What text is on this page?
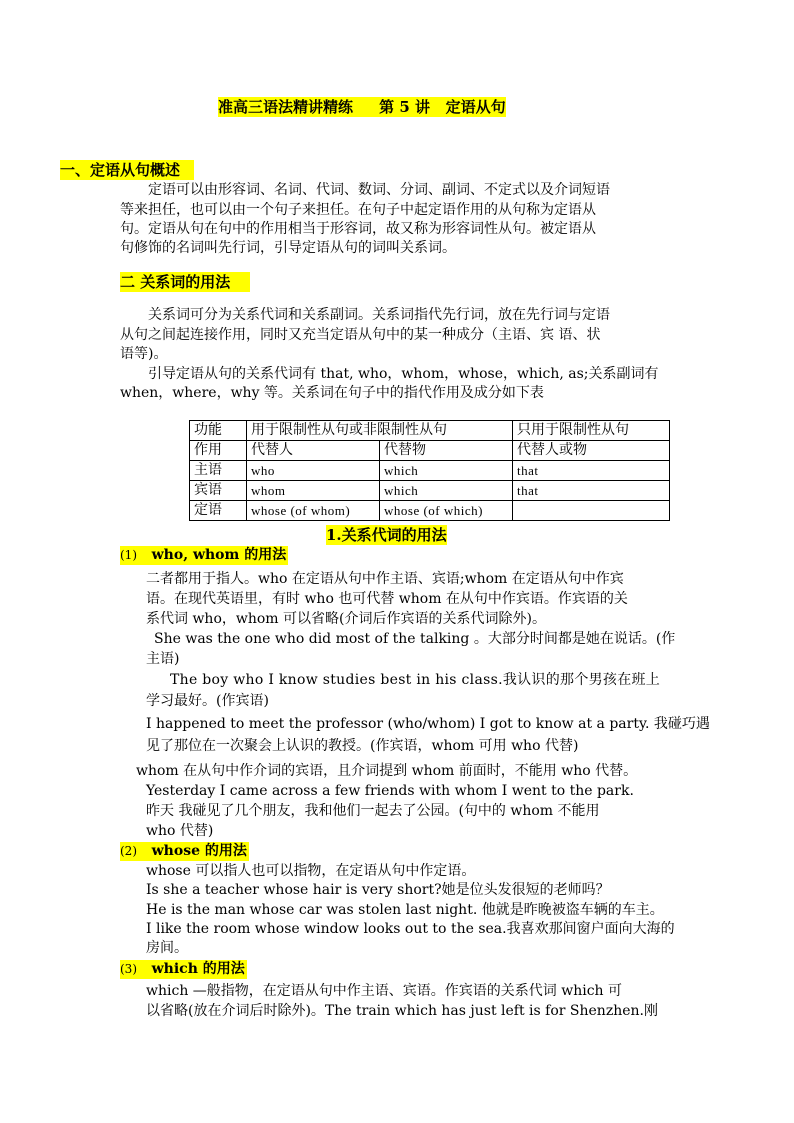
准高三语法精讲精练     第 5 讲   定语从句
一、定语从句概述
定语可以由形容词、名词、代词、数词、分词、副词、不定式以及介词短语
等来担任，也可以由一个句子来担任。在句子中起定语作用的从句称为定语从
句。定语从句在句中的作用相当于形容词，故又称为形容词性从句。被定语从
句修饰的名词叫先行词，引导定语从句的词叫关系词。
二 关系词的用法
关系词可分为关系代词和关系副词。关系词指代先行词，放在先行词与定语
从句之间起连接作用，同时又充当定语从句中的某一种成分（主语、宾 语、状
语等)。
引导定语从句的关系代词有 that, who，whom，whose，which, as;关系副词有
when，where，why 等。关系词在句子中的指代作用及成分如下表
功能	用于限制性从句或非限制性从句		只用于限制性从句
作用	代替人	代替物	代替人或物
主语	who	which	that
宾语	whom	which	that
定语	whose (of whom)	whose (of which)	
1.关系代词的用法
(1) who, whom 的用法
二者都用于指人。who 在定语从句中作主语、宾语;whom 在定语从句中作宾
语。在现代英语里，有时 who 也可代替 whom 在从句中作宾语。作宾语的关
系代词 who，whom 可以省略(介词后作宾语的关系代词除外)。
She was the one who did most of the talking 。大部分时间都是她在说话。(作
主语)
The boy who I know studies best in his class.我认识的那个男孩在班上
学习最好。(作宾语)
I happened to meet the professor (who/whom) I got to know at a party. 我碰巧遇
见了那位在一次聚会上认识的教授。(作宾语，whom 可用 who 代替)
whom 在从句中作介词的宾语，且介词提到 whom 前面时，不能用 who 代替。
Yesterday I came across a few friends with whom I went to the park.
昨天 我碰见了几个朋友，我和他们一起去了公园。(句中的 whom 不能用
who 代替)
(2) whose 的用法
whose 可以指人也可以指物，在定语从句中作定语。
Is she a teacher whose hair is very short?她是位头发很短的老师吗？
He is the man whose car was stolen last night. 他就是昨晚被盗车辆的车主。
I like the room whose window looks out to the sea.我喜欢那间窗户面向大海的
房间。
(3) which 的用法
which —般指物，在定语从句中作主语、宾语。作宾语的关系代词 which 可
以省略(放在介词后时除外)。The train which has just left is for Shenzhen.刚
